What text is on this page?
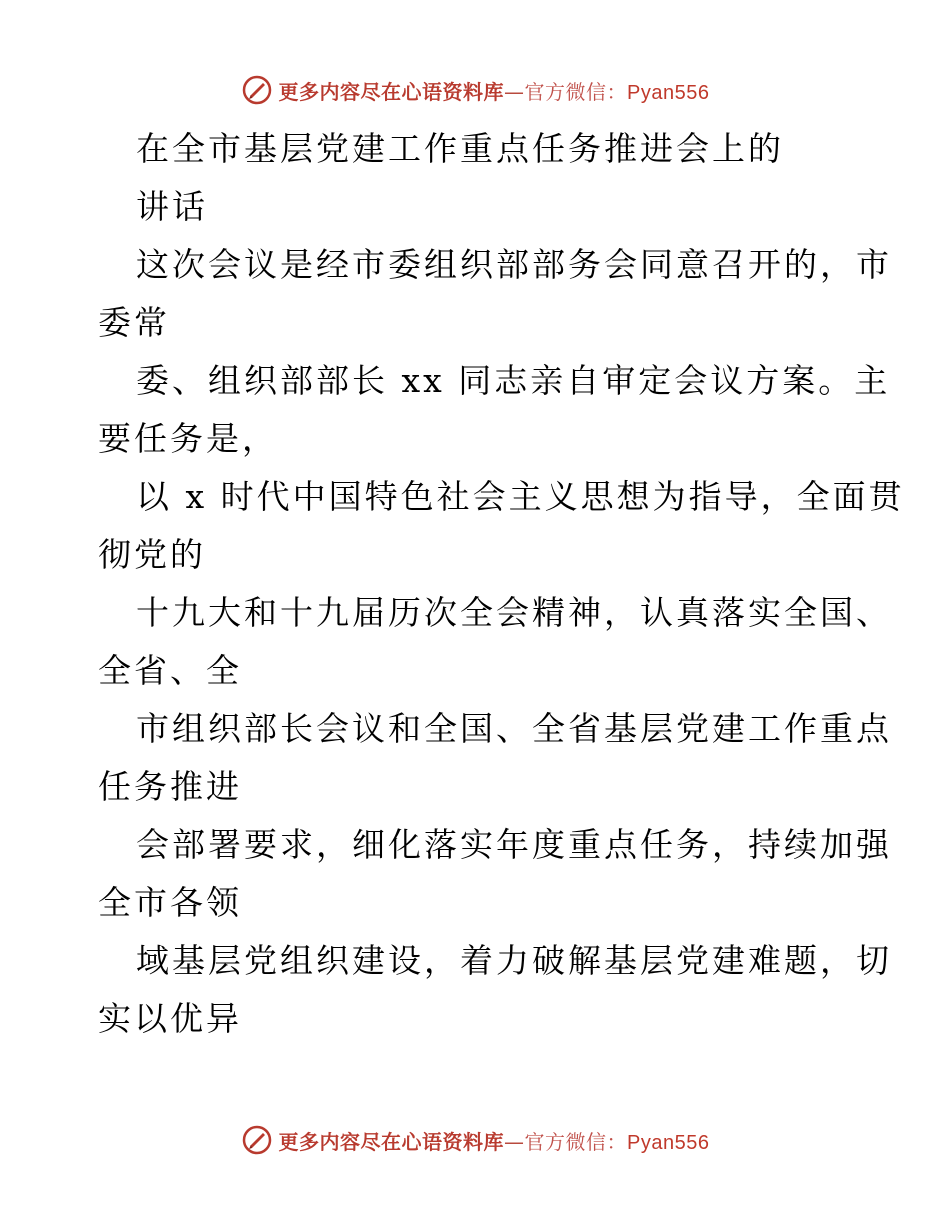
更多内容尽在心语资料库—官方微信：Pyan556
在全市基层党建工作重点任务推进会上的
讲话
这次会议是经市委组织部部务会同意召开的，市
委常
委、组织部部长 xx 同志亲自审定会议方案。主
要任务是，
以 x 时代中国特色社会主义思想为指导，全面贯
彻党的
十九大和十九届历次全会精神，认真落实全国、
全省、全
市组织部长会议和全国、全省基层党建工作重点
任务推进
会部署要求，细化落实年度重点任务，持续加强
全市各领
域基层党组织建设，着力破解基层党建难题，切
实以优异
更多内容尽在心语资料库—官方微信：Pyan556
